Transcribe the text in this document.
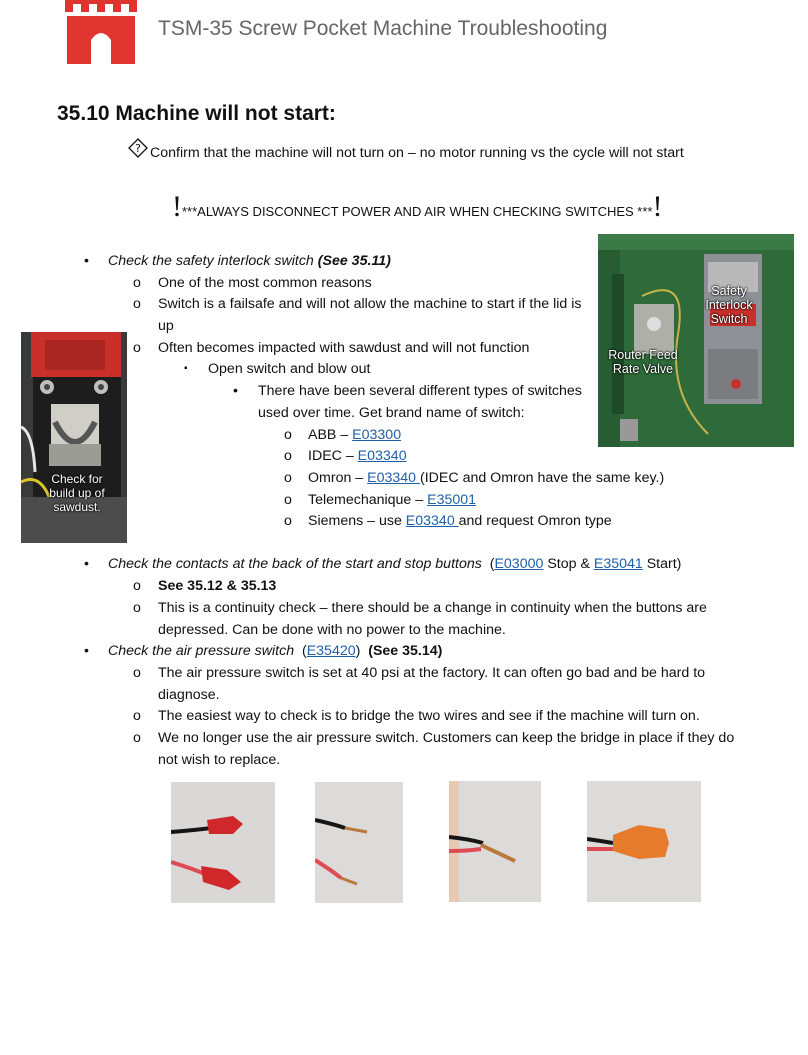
TSM-35 Screw Pocket Machine Troubleshooting
35.10 Machine will not start:
? Confirm that the machine will not turn on – no motor running vs the cycle will not start
!***ALWAYS DISCONNECT POWER AND AIR WHEN CHECKING SWITCHES ***!
• Check the safety interlock switch (See 35.11)
o One of the most common reasons
o Switch is a failsafe and will not allow the machine to start if the lid is
up
o Often becomes impacted with sawdust and will not function
▪ Open switch and blow out
• There have been several different types of switches
used over time. Get brand name of switch:
o ABB – E03300
o IDEC – E03340
o Omron – E03340 (IDEC and Omron have the same key.)
o Telemechanique – E35001
o Siemens – use E03340 and request Omron type
Check for build up of sawdust.
Safety Interlock Switch
Router Feed Rate Valve
• Check the contacts at the back of the start and stop buttons  (E03000 Stop & E35041 Start)
o See 35.12 & 35.13
o This is a continuity check – there should be a change in continuity when the buttons are
depressed. Can be done with no power to the machine.
• Check the air pressure switch  (E35420)  (See 35.14)
o The air pressure switch is set at 40 psi at the factory. It can often go bad and be hard to
diagnose.
o The easiest way to check is to bridge the two wires and see if the machine will turn on.
o We no longer use the air pressure switch. Customers can keep the bridge in place if they do
not wish to replace.
